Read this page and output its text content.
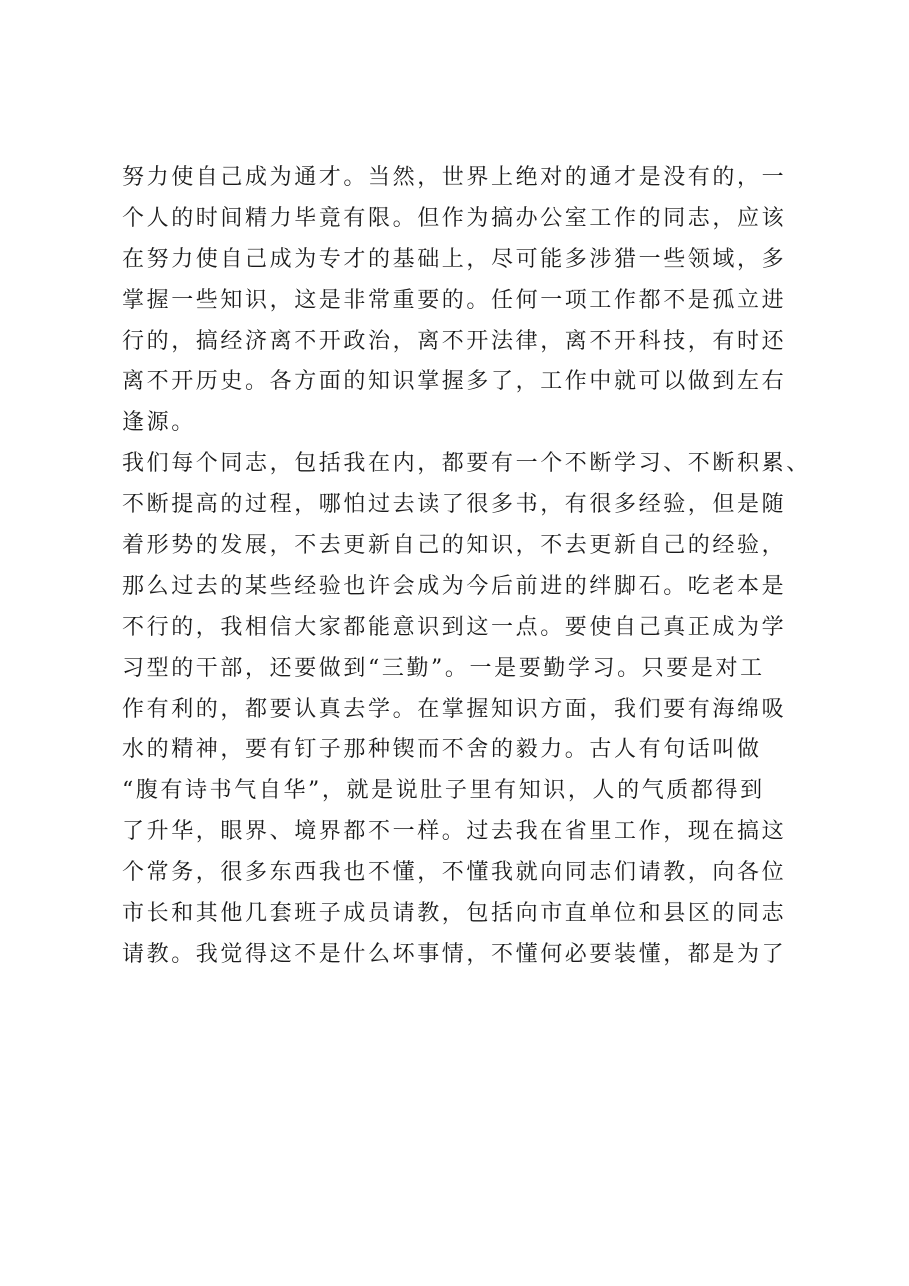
努力使自己成为通才。当然，世界上绝对的通才是没有的，一
个人的时间精力毕竟有限。但作为搞办公室工作的同志，应该
在努力使自己成为专才的基础上，尽可能多涉猎一些领域，多
掌握一些知识，这是非常重要的。任何一项工作都不是孤立进
行的，搞经济离不开政治，离不开法律，离不开科技，有时还
离不开历史。各方面的知识掌握多了，工作中就可以做到左右
逢源。
我们每个同志，包括我在内，都要有一个不断学习、不断积累、
不断提高的过程，哪怕过去读了很多书，有很多经验，但是随
着形势的发展，不去更新自己的知识，不去更新自己的经验，
那么过去的某些经验也许会成为今后前进的绊脚石。吃老本是
不行的，我相信大家都能意识到这一点。要使自己真正成为学
习型的干部，还要做到“三勤”。一是要勤学习。只要是对工
作有利的，都要认真去学。在掌握知识方面，我们要有海绵吸
水的精神，要有钉子那种锲而不舍的毅力。古人有句话叫做
“腹有诗书气自华”，就是说肚子里有知识，人的气质都得到
了升华，眼界、境界都不一样。过去我在省里工作，现在搞这
个常务，很多东西我也不懂，不懂我就向同志们请教，向各位
市长和其他几套班子成员请教，包括向市直单位和县区的同志
请教。我觉得这不是什么坏事情，不懂何必要装懂，都是为了
